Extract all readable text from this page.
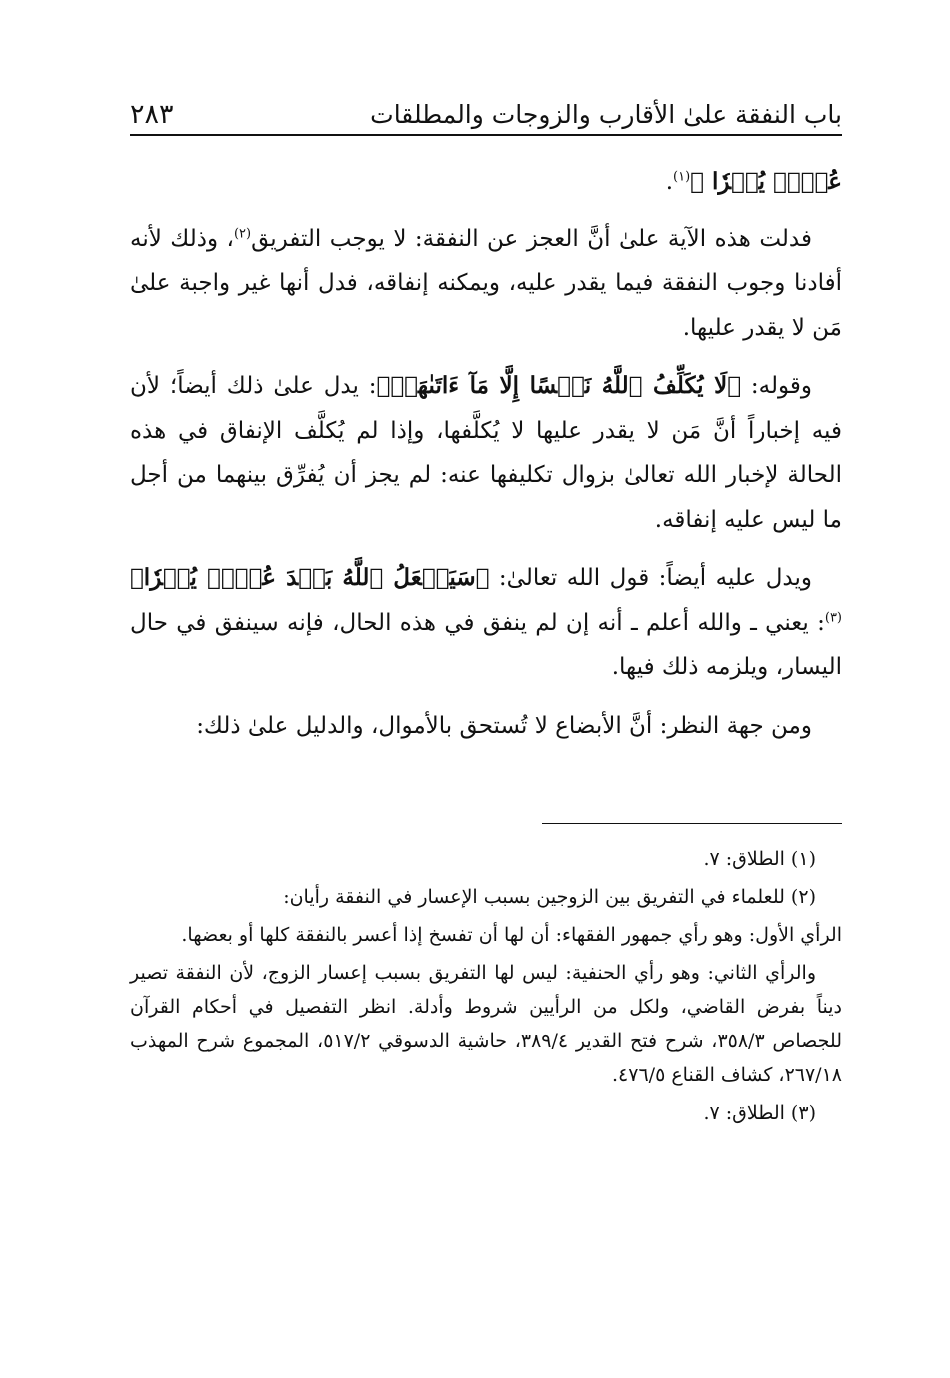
باب النفقة علىٰ الأقارب والزوجات والمطلقات
٢٨٣

عُسۡرٖ يُسۡرٗا ﴾$^{(١)}$.

فدلت هذه الآية علىٰ أنَّ العجز عن النفقة: لا يوجب التفريق$^{(٢)}$، وذلك لأنه أفادنا وجوب النفقة فيما يقدر عليه، ويمكنه إنفاقه، فدل أنها غير واجبة علىٰ مَن لا يقدر عليها.

وقوله: ﴿لَا يُكَلِّفُ ٱللَّهُ نَفۡسًا إِلَّا مَآ ءَاتَىٰهَاۚ﴾: يدل علىٰ ذلك أيضاً؛ لأن فيه إخباراً أنَّ مَن لا يقدر عليها لا يُكلَّفها، وإذا لم يُكلَّف الإنفاق في هذه الحالة لإخبار الله تعالىٰ بزوال تكليفها عنه: لم يجز أن يُفرِّق بينهما من أجل ما ليس عليه إنفاقه.

ويدل عليه أيضاً: قول الله تعالىٰ: ﴿سَيَجۡعَلُ ٱللَّهُ بَعۡدَ عُسۡرٖ يُسۡرٗا﴾$^{(٣)}$: يعني ـ والله أعلم ـ أنه إن لم ينفق في هذه الحال، فإنه سينفق في حال اليسار، ويلزمه ذلك فيها.

ومن جهة النظر: أنَّ الأبضاع لا تُستحق بالأموال، والدليل علىٰ ذلك:

(١) الطلاق: ٧.

(٢) للعلماء في التفريق بين الزوجين بسبب الإعسار في النفقة رأيان:

الرأي الأول: وهو رأي جمهور الفقهاء: أن لها أن تفسخ إذا أعسر بالنفقة كلها أو بعضها.

والرأي الثاني: وهو رأي الحنفية: ليس لها التفريق بسبب إعسار الزوج، لأن النفقة تصير ديناً بفرض القاضي، ولكل من الرأيين شروط وأدلة. انظر التفصيل في أحكام القرآن للجصاص ٣٥٨/٣، شرح فتح القدير ٣٨٩/٤، حاشية الدسوقي ٥١٧/٢، المجموع شرح المهذب ٢٦٧/١٨، كشاف القناع ٤٧٦/٥.

(٣) الطلاق: ٧.
